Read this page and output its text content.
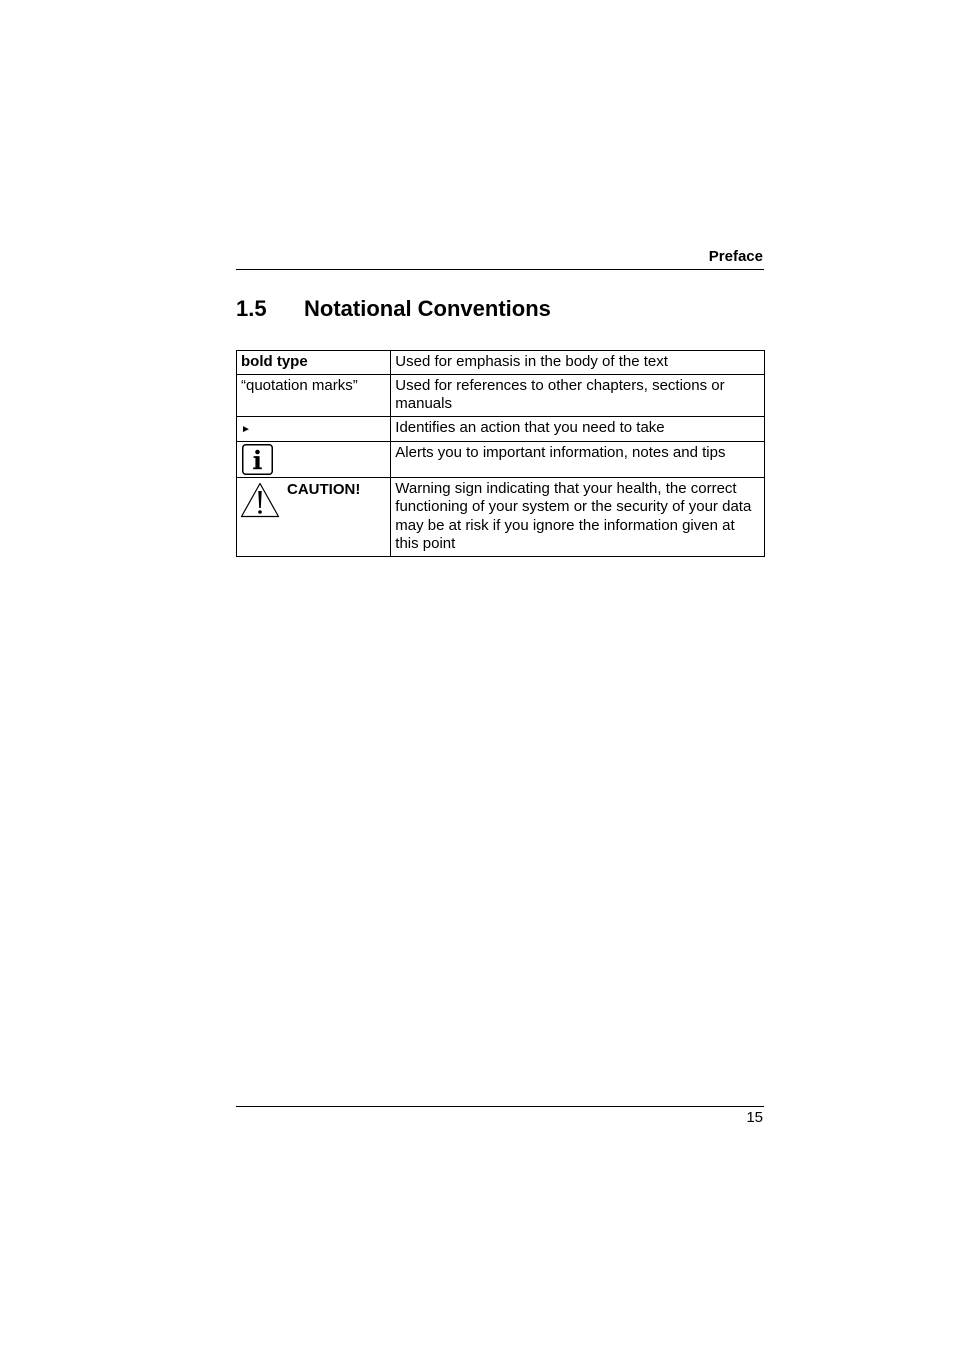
Preface
1.5 Notational Conventions
bold type	Used for emphasis in the body of the text
“quotation marks”	Used for references to other chapters, sections or manuals
►	Identifies an action that you need to take

	Alerts you to important information, notes and tips

CAUTION!	Warning sign indicating that your health, the correct functioning of your system or the security of your data may be at risk if you ignore the information given at this point
15
